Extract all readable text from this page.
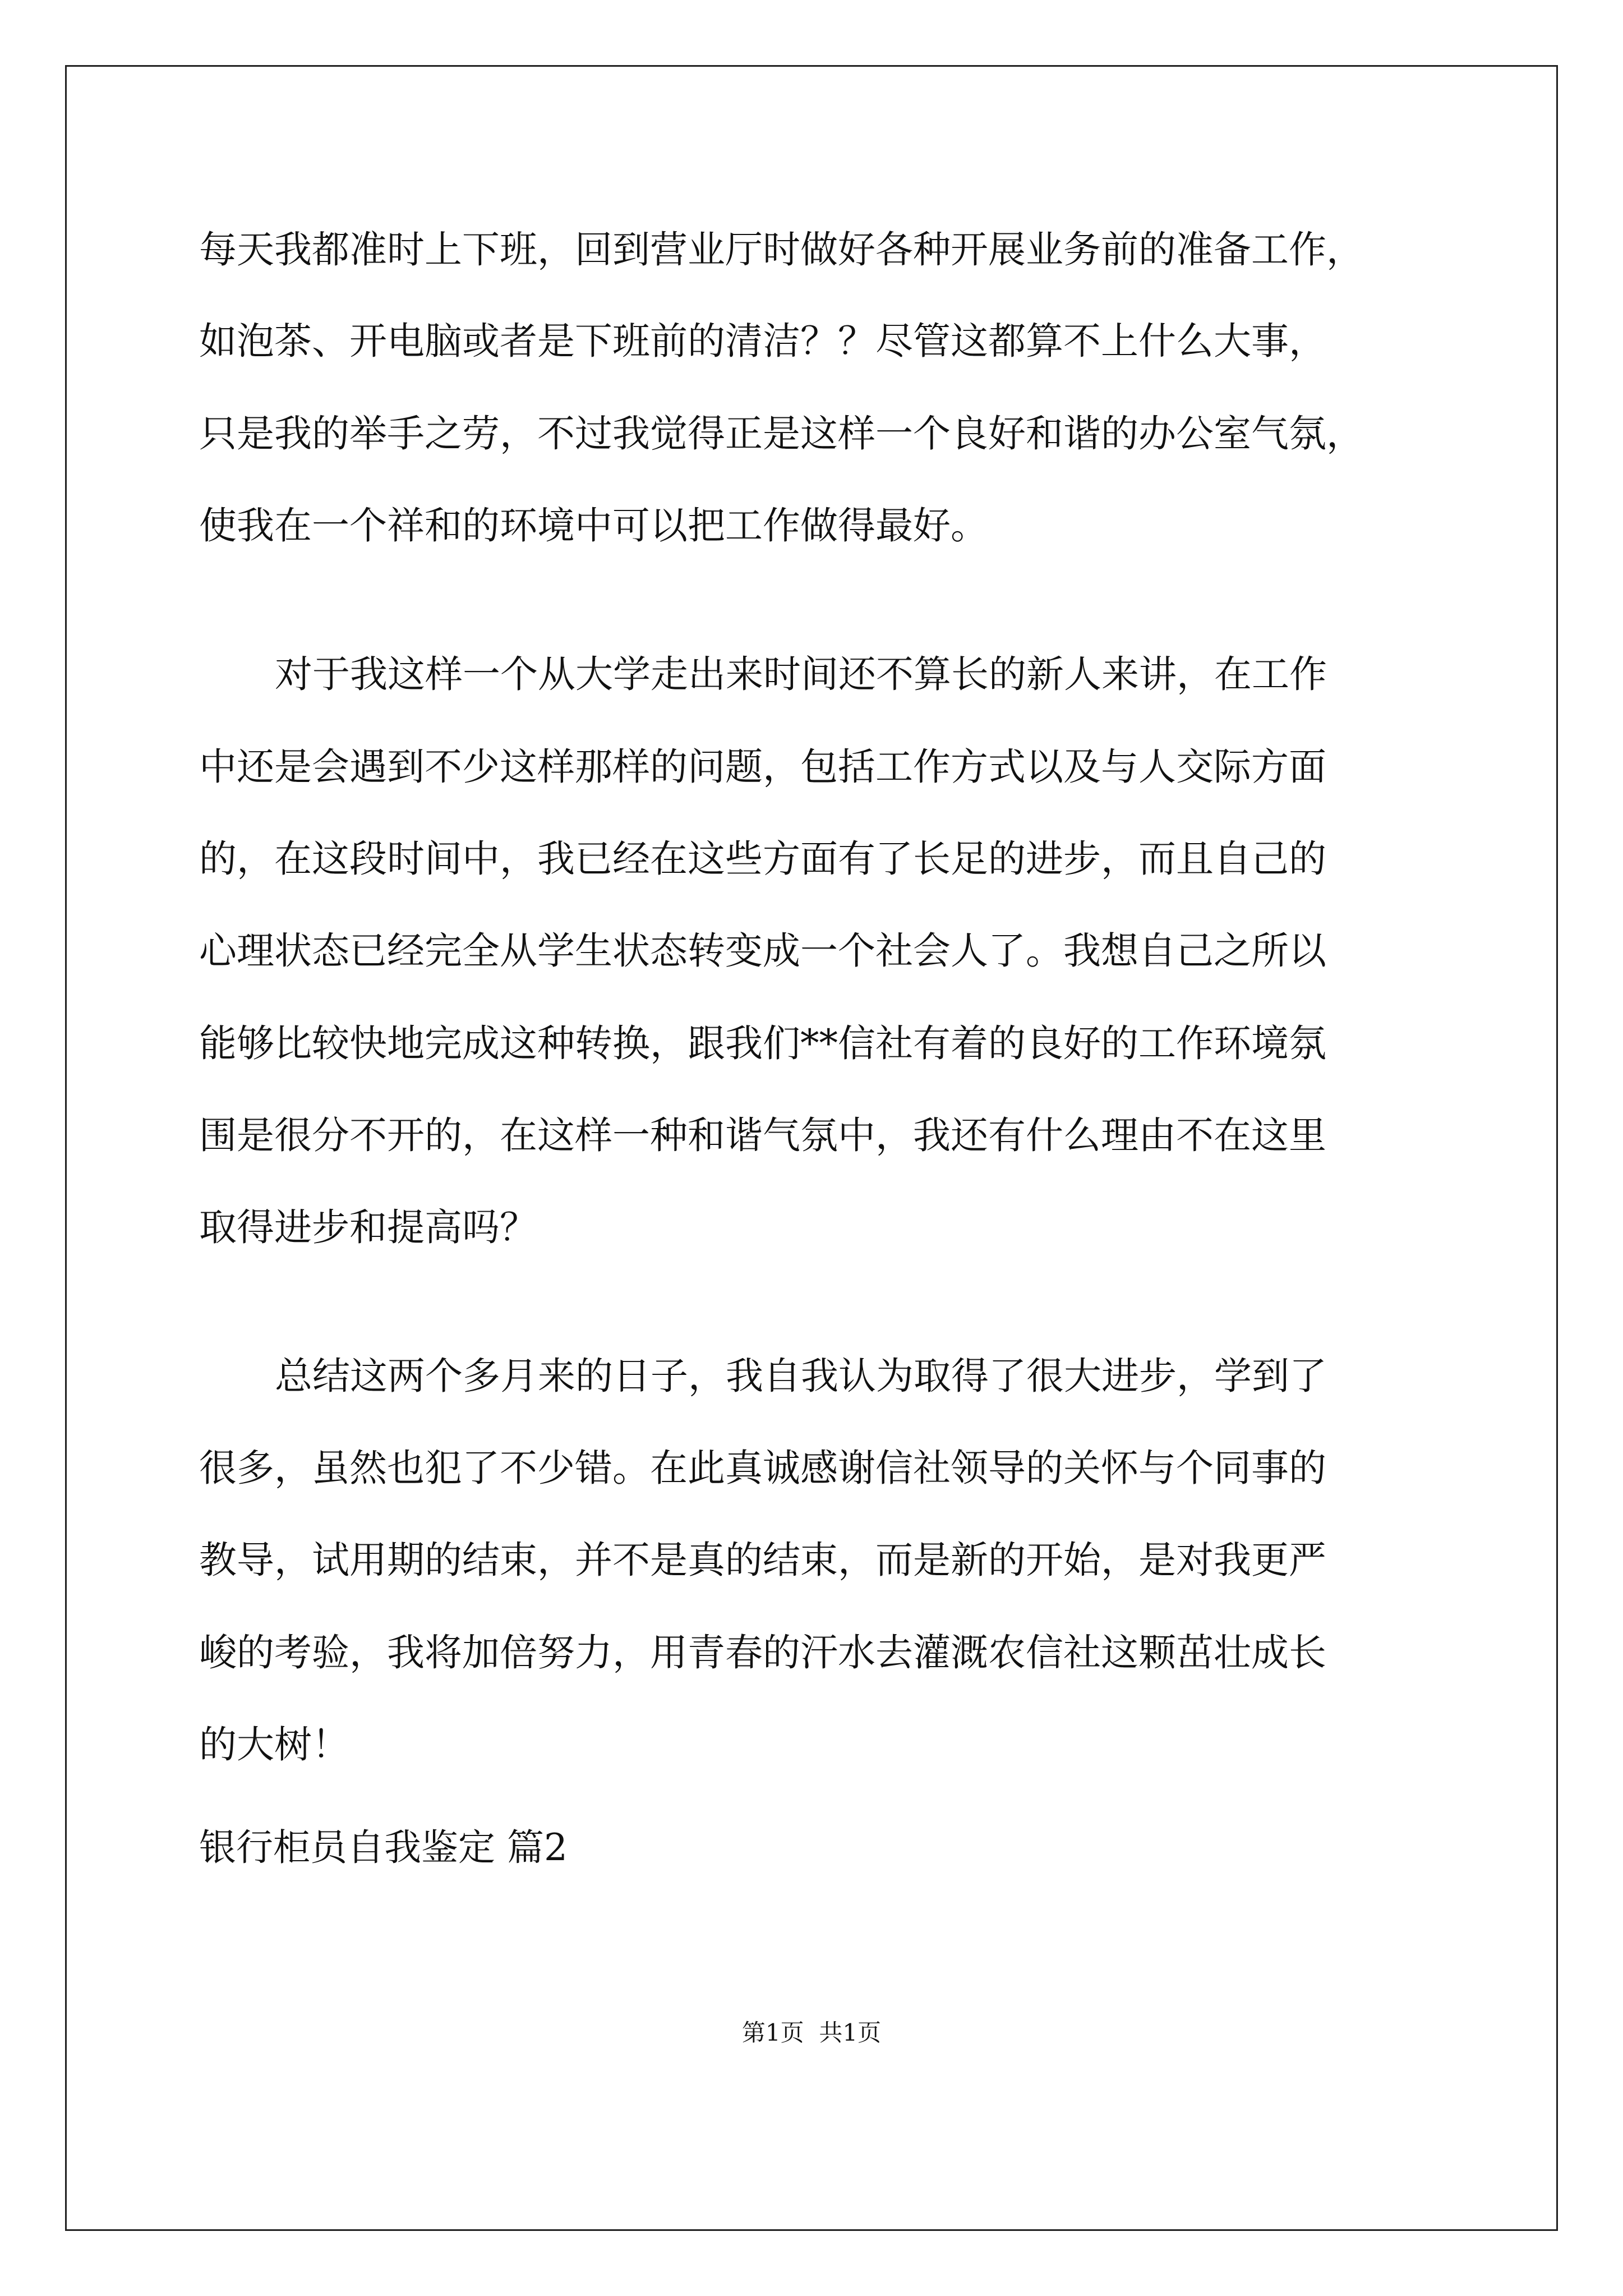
每天我都准时上下班，回到营业厅时做好各种开展业务前的准备工作，

如泡茶、开电脑或者是下班前的清洁？？尽管这都算不上什么大事，

只是我的举手之劳，不过我觉得正是这样一个良好和谐的办公室气氛，

使我在一个祥和的环境中可以把工作做得最好。

对于我这样一个从大学走出来时间还不算长的新人来讲，在工作

中还是会遇到不少这样那样的问题，包括工作方式以及与人交际方面

的，在这段时间中，我已经在这些方面有了长足的进步，而且自己的

心理状态已经完全从学生状态转变成一个社会人了。我想自己之所以

能够比较快地完成这种转换，跟我们**信社有着的良好的工作环境氛

围是很分不开的，在这样一种和谐气氛中，我还有什么理由不在这里

取得进步和提高吗？

总结这两个多月来的日子，我自我认为取得了很大进步，学到了

很多，虽然也犯了不少错。在此真诚感谢信社领导的关怀与个同事的

教导，试用期的结束，并不是真的结束，而是新的开始，是对我更严

峻的考验，我将加倍努力，用青春的汗水去灌溉农信社这颗茁壮成长

的大树！

银行柜员自我鉴定 篇2

第1页  共1页
